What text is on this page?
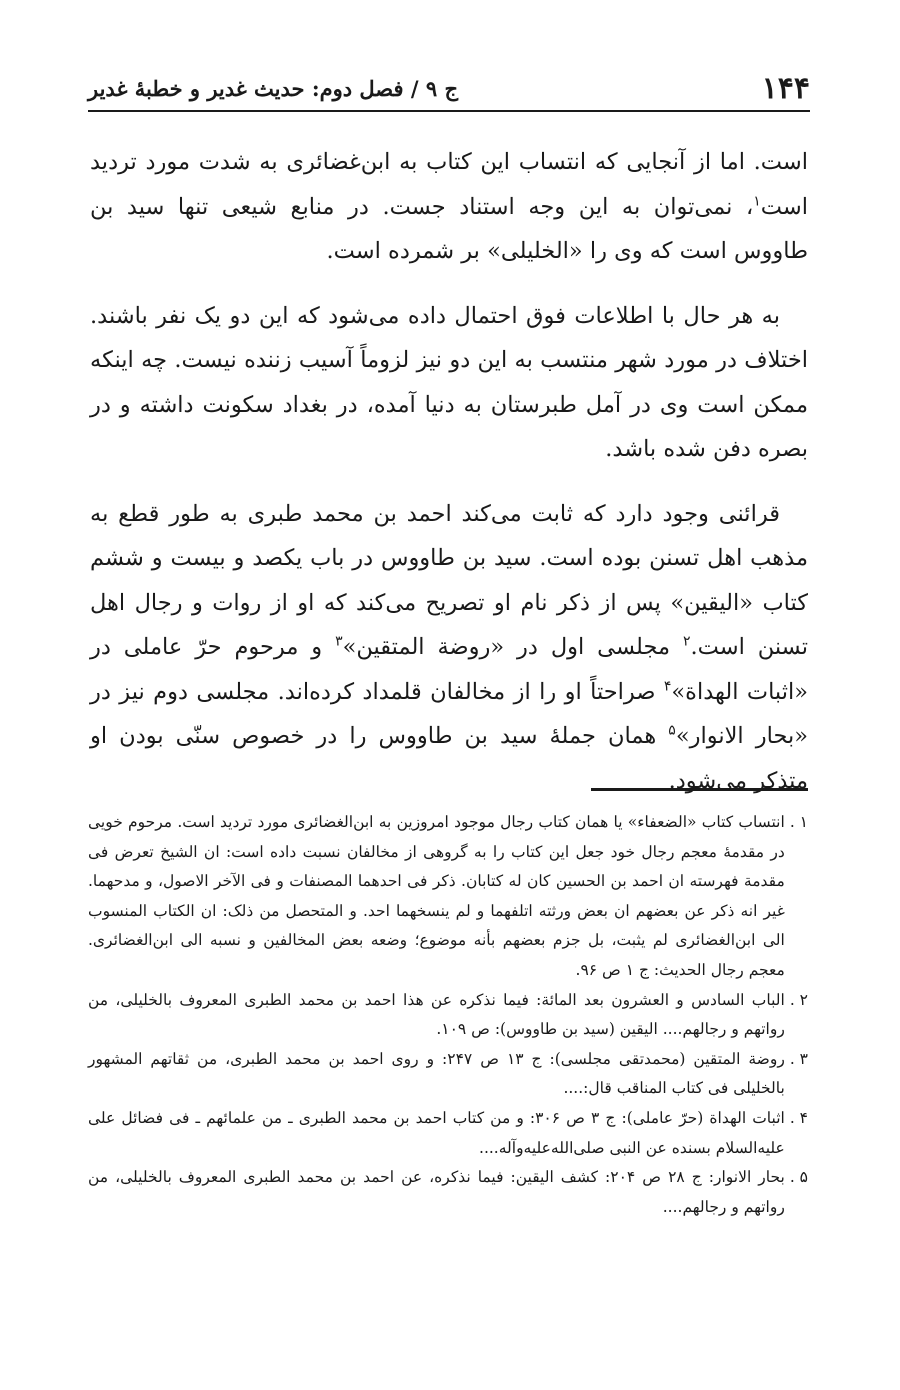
۱۴۴
ج ۹ / فصل دوم: حدیث غدیر و خطبهٔ غدیر

است. اما از آنجایی که انتساب این کتاب به ابن‌غضائری به شدت مورد تردید است$^۱$، نمی‌توان به این وجه استناد جست. در منابع شیعی تنها سید بن طاووس است که وی را «الخلیلی» بر شمرده است.

به هر حال با اطلاعات فوق احتمال داده می‌شود که این دو یک نفر باشند. اختلاف در مورد شهر منتسب به این دو نیز لزوماً آسیب زننده نیست. چه اینکه ممکن است وی در آمل طبرستان به دنیا آمده، در بغداد سکونت داشته و در بصره دفن شده باشد.

قرائنی وجود دارد که ثابت می‌کند احمد بن محمد طبری به طور قطع به مذهب اهل تسنن بوده است. سید بن طاووس در باب یکصد و بیست و ششم کتاب «الیقین» پس از ذکر نام او تصریح می‌کند که او از روات و رجال اهل تسنن است.$^۲$ مجلسی اول در «روضة المتقین»$^۳$ و مرحوم حرّ عاملی در «اثبات الهداة»$^۴$ صراحتاً او را از مخالفان قلمداد کرده‌اند. مجلسی دوم نیز در «بحار الانوار»$^۵$ همان جملهٔ سید بن طاووس را در خصوص سنّی بودن او متذکر می‌شود.

۱ .
انتساب کتاب «الضعفاء» یا همان کتاب رجال موجود امروزین به ابن‌الغضائری مورد تردید است. مرحوم خویی در مقدمهٔ معجم رجال خود جعل این کتاب را به گروهی از مخالفان نسبت داده است: ان الشیخ تعرض فی مقدمة فهرسته ان احمد بن الحسین کان له کتابان. ذکر فی احدهما المصنفات و فی الآخر الاصول، و مدحهما. غیر انه ذکر عن بعضهم ان بعض ورثته اتلفهما و لم ینسخهما احد. و المتحصل من ذلک: ان الکتاب المنسوب الی ابن‌الغضائری لم یثبت، بل جزم بعضهم بأنه موضوع؛ وضعه بعض المخالفین و نسبه الی ابن‌الغضائری. معجم رجال الحدیث: ج ۱ ص ۹۶.
۲ .
الباب السادس و العشرون بعد المائة: فیما نذکره عن هذا احمد بن محمد الطبری المعروف بالخلیلی، من رواتهم و رجالهم.... الیقین (سید بن طاووس): ص ۱۰۹.
۳ .
روضة المتقین (محمدتقی مجلسی): ج ۱۳ ص ۲۴۷: و روی احمد بن محمد الطبری، من ثقاتهم المشهور بالخلیلی فی کتاب المناقب قال:....
۴ .
اثبات الهداة (حرّ عاملی): ج ۳ ص ۳۰۶: و من کتاب احمد بن محمد الطبری ـ من علمائهم ـ فی فضائل علی علیه‌السلام بسنده عن النبی صلی‌الله‌علیه‌وآله....
۵ .
بحار الانوار: ج ۲۸ ص ۲۰۴: کشف الیقین: فیما نذکره، عن احمد بن محمد الطبری المعروف بالخلیلی، من رواتهم و رجالهم....
